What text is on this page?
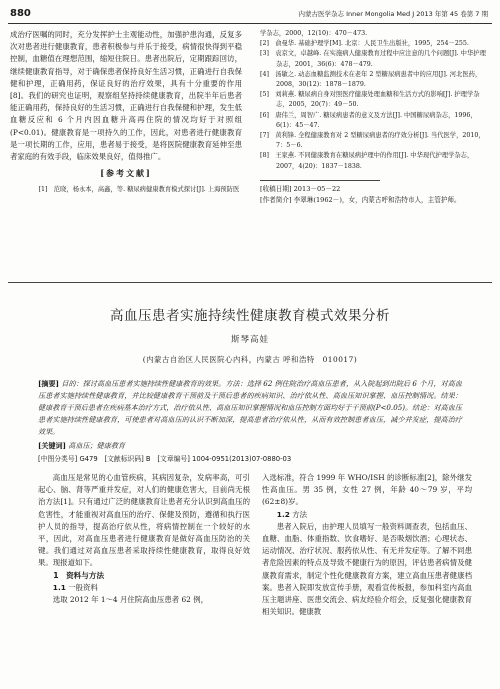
880	内蒙古医学杂志 Inner Mongolia Med J 2013 年第 45 卷第 7 期

成治疗医嘱的同时，充分发挥护士主观能动性，加强护患沟通，反复多次对患者进行健康教育，患者积极参与并乐于接受，病情很快得到平稳控制，血糖值在理想范围，缩短住院日。患者出院后，定期跟踪回访，继续健康教育指导，对于确保患者保持良好生活习惯，正确进行自我保健和护理，正确用药，保证良好的治疗效果，具有十分重要的作用[8]。我们的研究也证明，观察组坚持持续健康教育，出院半年后患者能正确用药，保持良好的生活习惯，正确进行自我保健和护理，发生低血糖反应和 6 个月内因血糖升高再住院的情况均好于对照组(P<0.01)。健康教育是一项持久的工作，因此，对患者进行健康教育是一项长期的工作，应用，患者易于接受，是将医院健康教育延伸至患者家庭的有效手段，临床效果良好，值得推广。

[参考文献]

[1]　范晓，杨永本，高鑫，等. 糖尿病健康教育模式探讨[J]. 上海预防医

学杂志，2000，12(10)：470－473.

[2]　俞曼华. 基础护理学[M]. 北京：人民卫生出版社，1995，254－255.

[3]　袁京文，卓越峰. 在实施病人健康教育过程中应注意的几个问题[J]. 中华护理杂志，2001，36(6)：478－479.

[4]　汤敏之. 动态血糖监测技术在老年 2 型糖尿病患者中的应用[J]. 河北医药，2008，30(12)：1878－1879.

[5]　刘莉燕. 糖尿病自身对照医疗健康处理血糖和生活方式的影响[J]. 护理学杂志，2005，20(7)：49－50.

[6]　唐伟兰，周智广. 糖尿病患者的意义及方法[J]. 中国糖尿病杂志，1996，6(1)：45－47.

[7]　黄利锋. 全程健康教育对 2 型糖尿病患者的疗效分析[J]. 当代医学，2010，7：5－6.

[8]　王家燕. 不同健康教育在糖尿病护理中的作用[J]. 中华现代护理学杂志，2007，4(20)：1837－1838.

[收稿日期] 2013－05－22
[作者简介] 李翠琳(1962－)，女，内蒙古呼和浩特市人，主管护师。
高血压患者实施持续性健康教育模式效果分析
斯琴高娃
(内蒙古自治区人民医院心内科，内蒙古 呼和浩特　010017)
[摘要] 目的：探讨高血压患者实施持续性健康教育的效果。方法：选择 62 例住院治疗高血压患者，从入院起到出院后 6 个月，对高血压患者实施持续性健康教育，并比较健康教育干预前及干预后患者的疾病知识、治疗依从性、高血压知识掌握、血压控制情况。结果：健康教育干预后患者在疾病基本治疗方式，治疗依从性、高血压知识掌握情况和血压控制方面均好于干预前(P<0.05)。结论：对高血压患者实施持续性健康教育，可使患者对高血压的认识不断加深，提高患者治疗依从性，从而有效控制患者血压，减少并发症，提高治疗效果。
[关键词] 高血压；健康教育
[中图分类号] G479　[文献标识码] B　[文章编号] 1004-0951(2013)07-0880-03

高血压是常见的心血管疾病，其病因复杂，发病率高，可引起心、脑、肾等严重并发症，对人们的健康危害大，目前尚无根治方法[1]。只有通过广泛的健康教育让患者充分认识到高血压的危害性，才能重视对高血压的治疗、保健及预防，遵循和执行医护人员的指导，提高治疗依从性，将病情控制在一个较好的水平，因此，对高血压患者进行健康教育是做好高血压防治的关键。我们通过对高血压患者采取持续性健康教育，取得良好效果。现报道如下。

1　资料与方法

1.1 一般资料

选取 2012 年 1～4 月住院高血压患者 62 例，

入选标准，符合 1999 年 WHO/ISH 的诊断标准[2]，除外继发性高血压。男 35 例，女性 27 例，年龄 40～79 岁，平均(62±8)岁。

1.2 方法

患者入院后，由护理人员填写一般资料调查表，包括血压、血糖、血脂、体重指数、饮食嗜好、是否吸烟饮酒；心理状态、运动情况、治疗状况、服药依从性、有无并发症等。了解不同患者危险因素的特点及导致不健康行为的原因，评估患者病情及健康教育需求，制定个性化健康教育方案，建立高血压患者健康档案。患者入院即发放宣传手册，观看宣传板报，参加科室内高血压主题讲座、医患交流会、病友经验介绍会，反复强化健康教育相关知识。健康教
